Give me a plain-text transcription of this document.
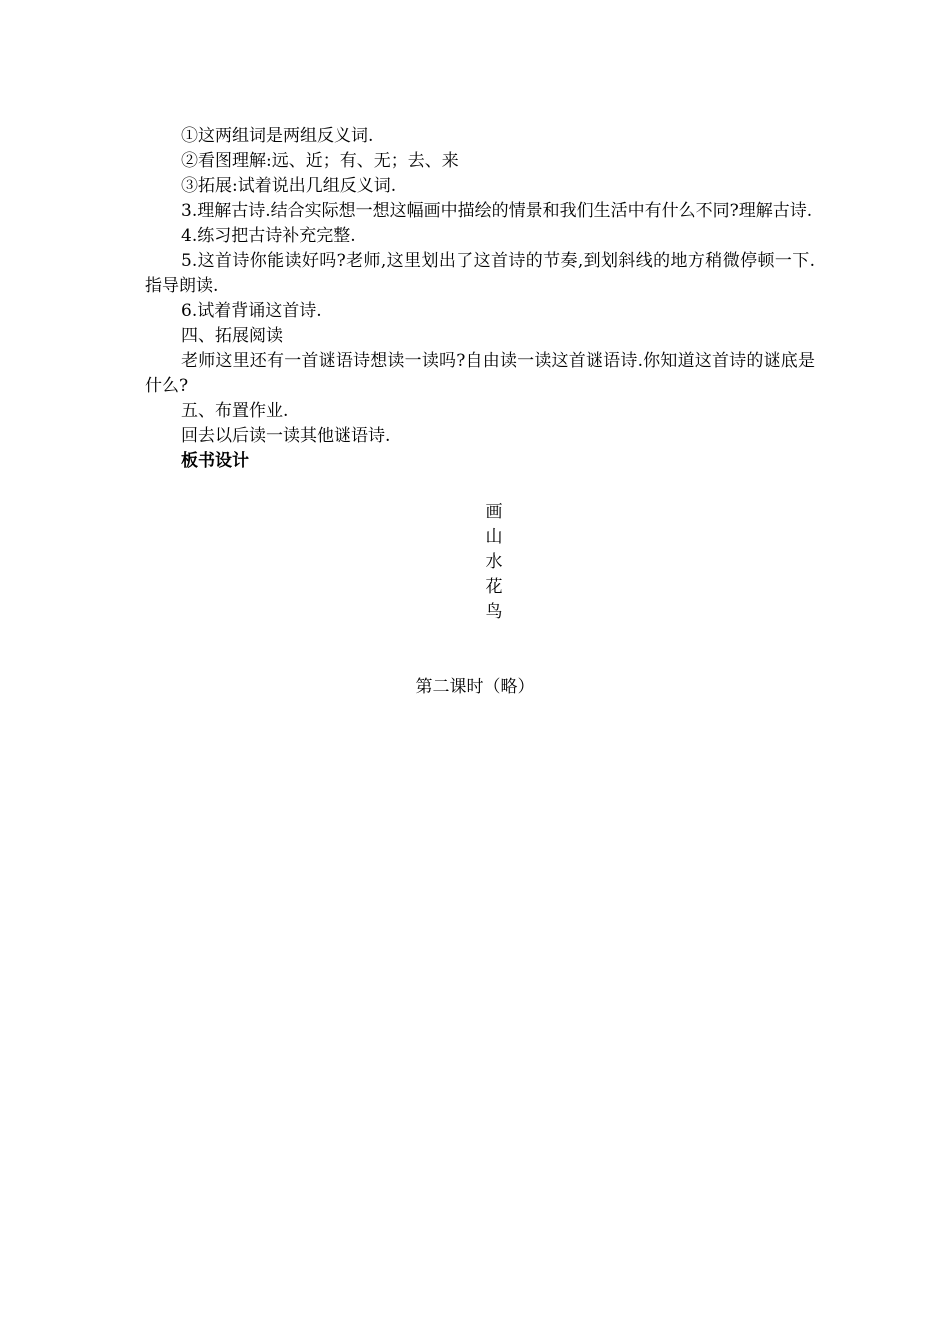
①这两组词是两组反义词.

②看图理解:远、近；有、无；去、来

③拓展:试着说出几组反义词.

3.理解古诗.结合实际想一想这幅画中描绘的情景和我们生活中有什么不同?理解古诗.

4.练习把古诗补充完整.

5.这首诗你能读好吗?老师,这里划出了这首诗的节奏,到划斜线的地方稍微停顿一下.指导朗读.

6.试着背诵这首诗.

四、拓展阅读

老师这里还有一首谜语诗想读一读吗?自由读一读这首谜语诗.你知道这首诗的谜底是什么?

五、布置作业.

回去以后读一读其他谜语诗.

板书设计

画
山
水
花
鸟
第二课时（略）
